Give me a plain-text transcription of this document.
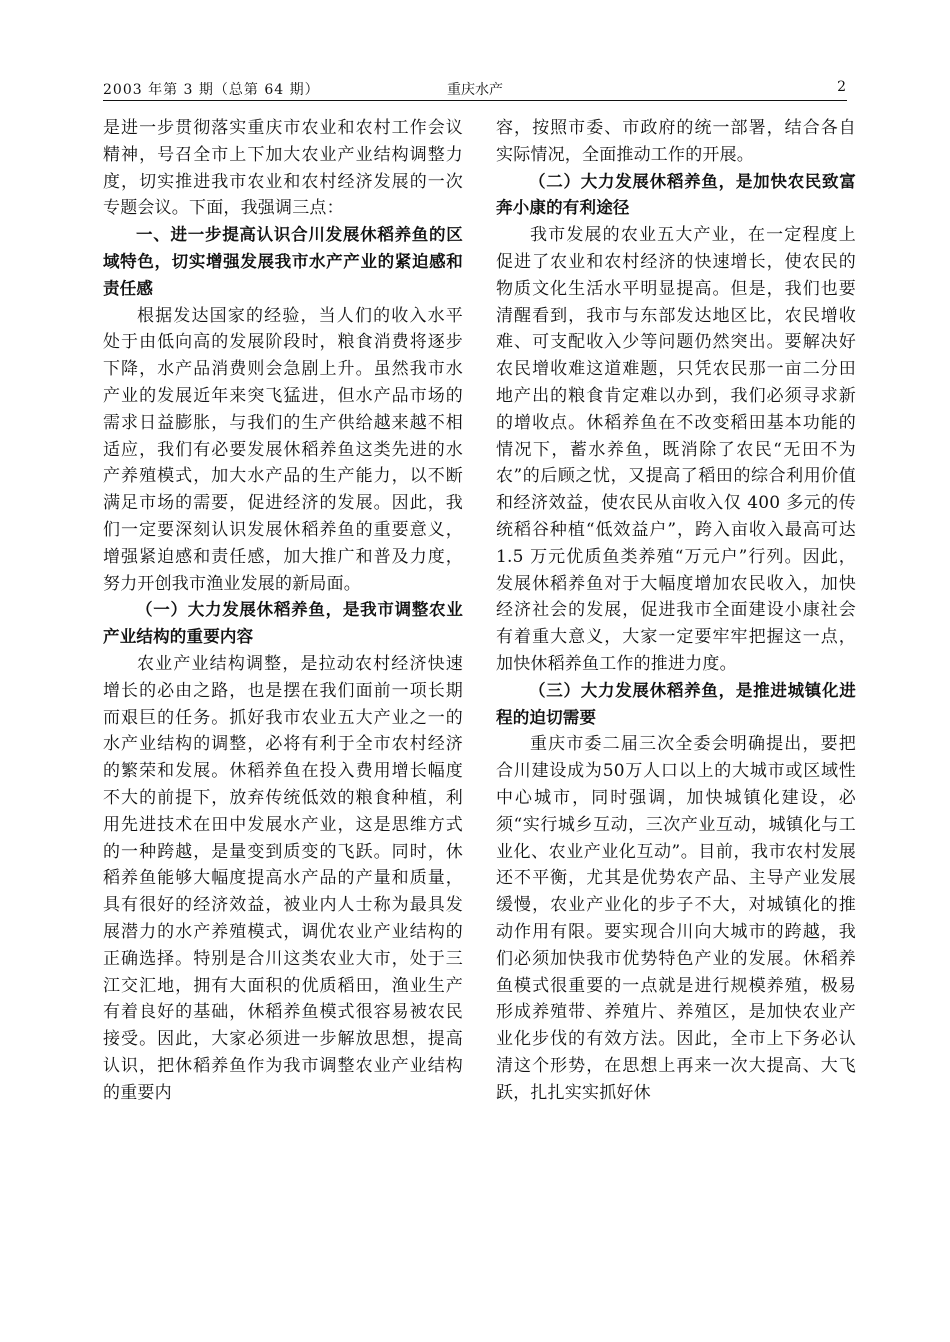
2003 年第 3 期（总第 64 期）	重庆水产	2

是进一步贯彻落实重庆市农业和农村工作会议精神，号召全市上下加大农业产业结构调整力度，切实推进我市农业和农村经济发展的一次专题会议。下面，我强调三点：

一、进一步提高认识合川发展休稻养鱼的区域特色，切实增强发展我市水产产业的紧迫感和责任感

根据发达国家的经验，当人们的收入水平处于由低向高的发展阶段时，粮食消费将逐步下降，水产品消费则会急剧上升。虽然我市水产业的发展近年来突飞猛进，但水产品市场的需求日益膨胀，与我们的生产供给越来越不相适应，我们有必要发展休稻养鱼这类先进的水产养殖模式，加大水产品的生产能力，以不断满足市场的需要，促进经济的发展。因此，我们一定要深刻认识发展休稻养鱼的重要意义，增强紧迫感和责任感，加大推广和普及力度，努力开创我市渔业发展的新局面。

（一）大力发展休稻养鱼，是我市调整农业产业结构的重要内容

农业产业结构调整，是拉动农村经济快速增长的必由之路，也是摆在我们面前一项长期而艰巨的任务。抓好我市农业五大产业之一的水产业结构的调整，必将有利于全市农村经济的繁荣和发展。休稻养鱼在投入费用增长幅度不大的前提下，放弃传统低效的粮食种植，利用先进技术在田中发展水产业，这是思维方式的一种跨越，是量变到质变的飞跃。同时，休稻养鱼能够大幅度提高水产品的产量和质量，具有很好的经济效益，被业内人士称为最具发展潜力的水产养殖模式，调优农业产业结构的正确选择。特别是合川这类农业大市，处于三江交汇地，拥有大面积的优质稻田，渔业生产有着良好的基础，休稻养鱼模式很容易被农民接受。因此，大家必须进一步解放思想，提高认识，把休稻养鱼作为我市调整农业产业结构的重要内

容，按照市委、市政府的统一部署，结合各自实际情况，全面推动工作的开展。

（二）大力发展休稻养鱼，是加快农民致富奔小康的有利途径

我市发展的农业五大产业，在一定程度上促进了农业和农村经济的快速增长，使农民的物质文化生活水平明显提高。但是，我们也要清醒看到，我市与东部发达地区比，农民增收难、可支配收入少等问题仍然突出。要解决好农民增收难这道难题，只凭农民那一亩二分田地产出的粮食肯定难以办到，我们必须寻求新的增收点。休稻养鱼在不改变稻田基本功能的情况下，蓄水养鱼，既消除了农民“无田不为农”的后顾之忧，又提高了稻田的综合利用价值和经济效益，使农民从亩收入仅 400 多元的传统稻谷种植“低效益户”，跨入亩收入最高可达 1.5 万元优质鱼类养殖“万元户”行列。因此，发展休稻养鱼对于大幅度增加农民收入，加快经济社会的发展，促进我市全面建设小康社会有着重大意义，大家一定要牢牢把握这一点，加快休稻养鱼工作的推进力度。

（三）大力发展休稻养鱼，是推进城镇化进程的迫切需要

重庆市委二届三次全委会明确提出，要把合川建设成为50万人口以上的大城市或区域性中心城市，同时强调，加快城镇化建设，必须“实行城乡互动，三次产业互动，城镇化与工业化、农业产业化互动”。目前，我市农村发展还不平衡，尤其是优势农产品、主导产业发展缓慢，农业产业化的步子不大，对城镇化的推动作用有限。要实现合川向大城市的跨越，我们必须加快我市优势特色产业的发展。休稻养鱼模式很重要的一点就是进行规模养殖，极易形成养殖带、养殖片、养殖区，是加快农业产业化步伐的有效方法。因此，全市上下务必认清这个形势，在思想上再来一次大提高、大飞跃，扎扎实实抓好休
